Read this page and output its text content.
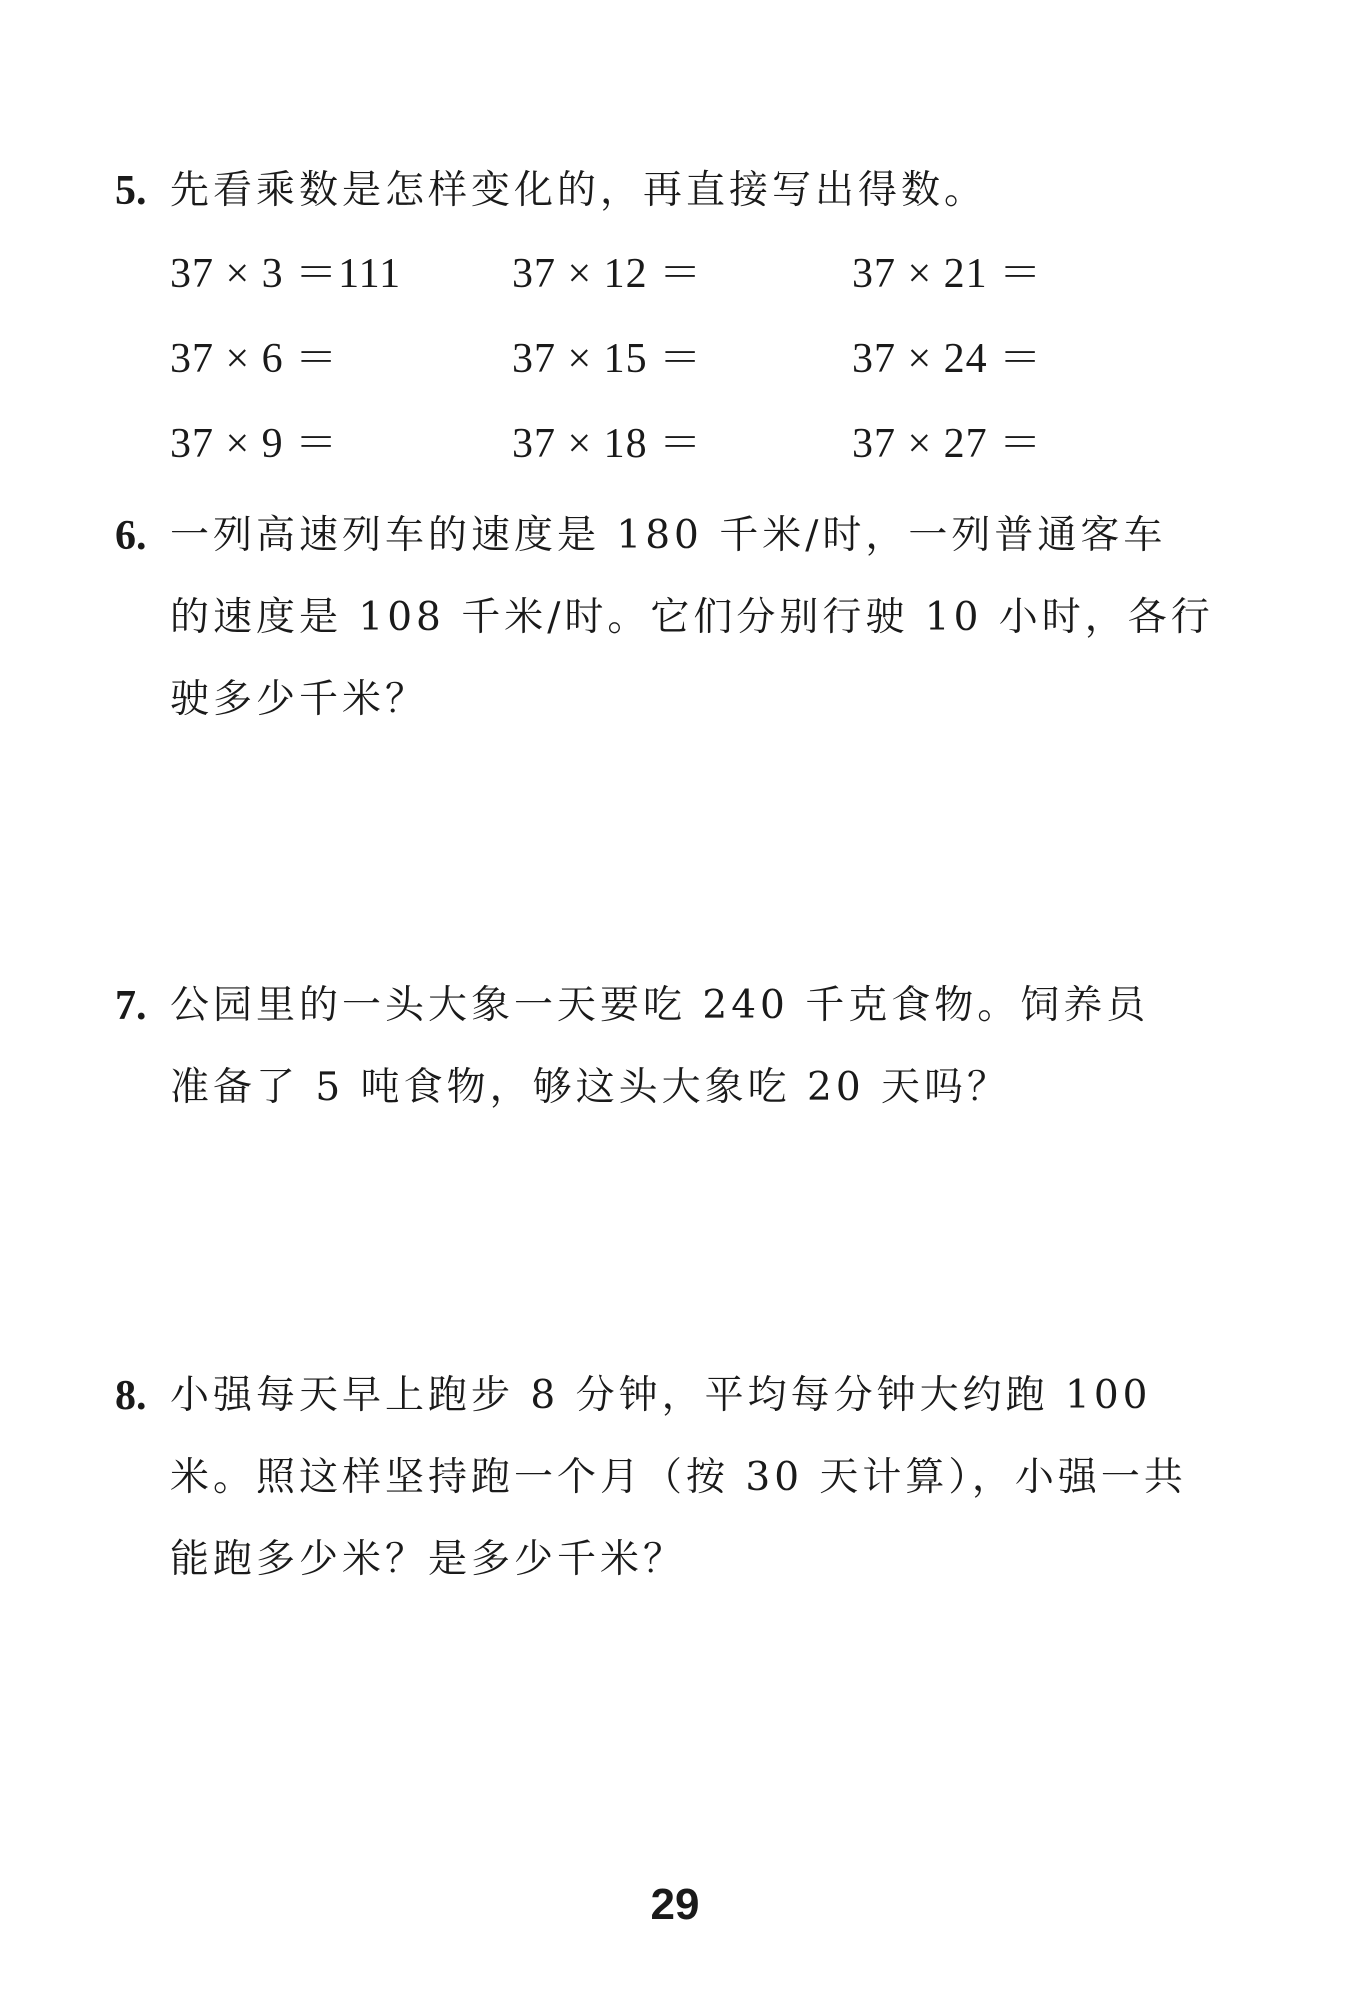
5. 先看乘数是怎样变化的，再直接写出得数。
37 × 3 ＝111	37 × 12 ＝	37 × 21 ＝
37 × 6 ＝	37 × 15 ＝	37 × 24 ＝
37 × 9 ＝	37 × 18 ＝	37 × 27 ＝
6. 一列高速列车的速度是 180 千米/时，一列普通客车
的速度是 108 千米/时。它们分别行驶 10 小时，各行
驶多少千米？
7. 公园里的一头大象一天要吃 240 千克食物。饲养员
准备了 5 吨食物，够这头大象吃 20 天吗？
8. 小强每天早上跑步 8 分钟，平均每分钟大约跑 100
米。照这样坚持跑一个月（按 30 天计算），小强一共
能跑多少米？是多少千米？
29
